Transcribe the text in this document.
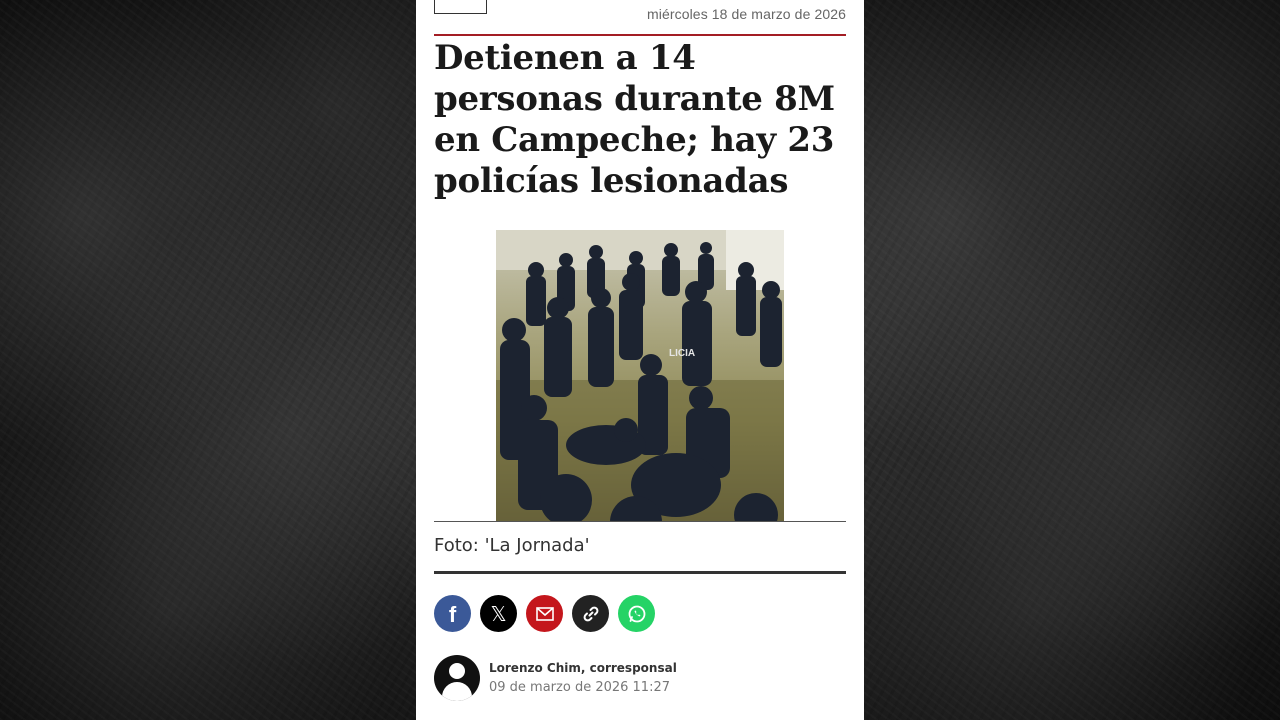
miércoles 18 de marzo de 2026
Detienen a 14 personas durante 8M en Campeche; hay 23 policías lesionadas
LICIA
Foto: 'La Jornada'
f 𝕏
Lorenzo Chim, corresponsal
09 de marzo de 2026 11:27
